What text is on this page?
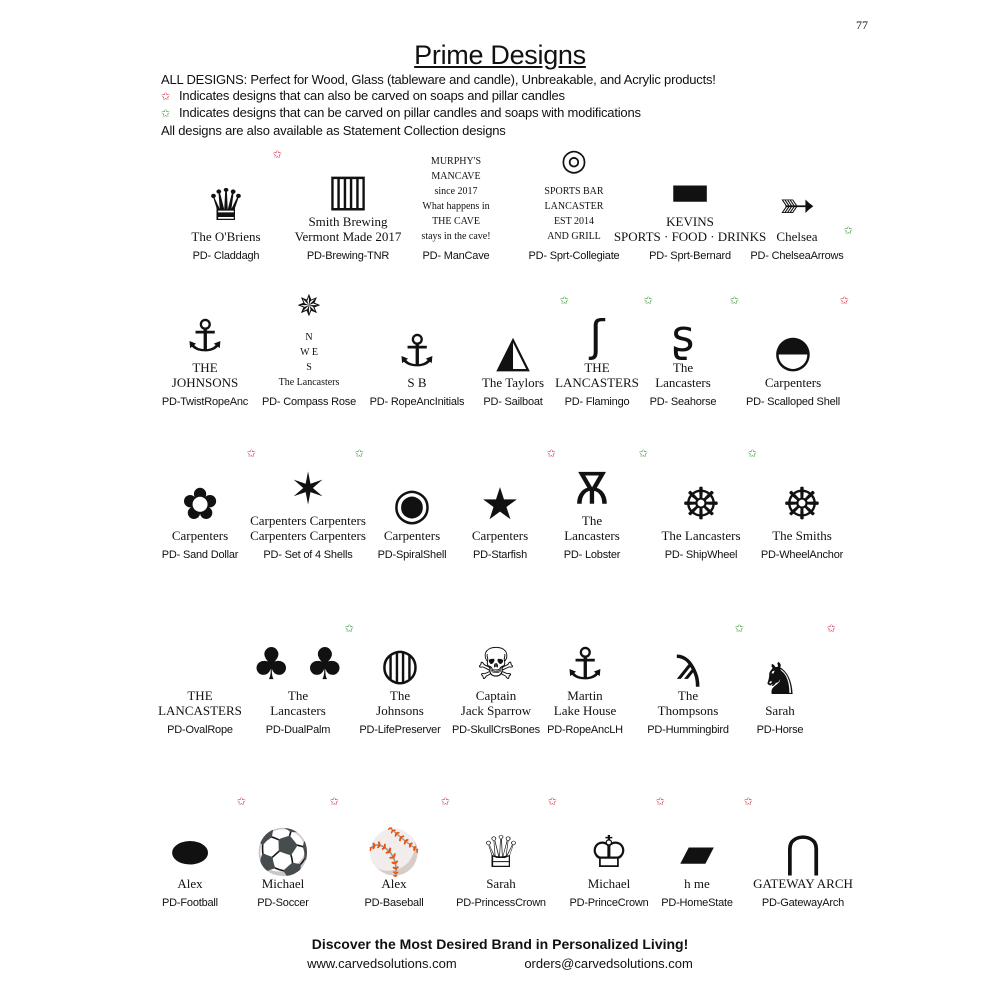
77
Prime Designs
ALL DESIGNS: Perfect for Wood, Glass (tableware and candle), Unbreakable, and Acrylic products!
✩ Indicates designs that can also be carved on soaps and pillar candles
✩ Indicates designs that can be carved on pillar candles and soaps with modifications
All designs are also available as Statement Collection designs
♛
The O'Briens
✩
PD- Claddagh
▥
Smith Brewing
Vermont Made 2017
PD-Brewing-TNR
MURPHY'S
MANCAVE
since 2017
What happens in
THE CAVE
stays in the cave!
PD- ManCave
◎
SPORTS BAR
LANCASTER
EST 2014
AND GRILL
PD- Sprt-Collegiate
▬
KEVINS
SPORTS · FOOD · DRINKS
PD- Sprt-Bernard
➳
Chelsea ✩
PD- ChelseaArrows
⚓
THE
JOHNSONS
PD-TwistRopeAnc
✵
N
W E
S
The Lancasters
PD- Compass Rose
⚓
S B
PD- RopeAncInitials
◭
The Taylors
✩
PD- Sailboat
ʃ
THE
LANCASTERS
✩
PD- Flamingo
ʂ
The
Lancasters
✩
PD- Seahorse
◓
Carpenters
✩
PD- Scalloped Shell
✿
Carpenters
✩
PD- Sand Dollar
✶
Carpenters Carpenters
Carpenters Carpenters
✩
PD- Set of 4 Shells
◉
Carpenters
PD-SpiralShell
★
Carpenters
✩
PD-Starfish
Ѫ
The
Lancasters
✩
PD- Lobster
☸
The Lancasters
✩
PD- ShipWheel
☸
The Smiths
PD-WheelAnchor
THE
LANCASTERS
PD-OvalRope
♣ ♣
The
Lancasters
✩
PD-DualPalm
◍
The
Johnsons
PD-LifePreserver
☠
Captain
Jack Sparrow
PD-SkullCrsBones
⚓
Martin
Lake House
PD-RopeAncLH
ϡ
The
Thompsons
✩
PD-Hummingbird
♞
Sarah
✩
PD-Horse
⬬
Alex
✩
PD-Football
⚽
Michael
✩
PD-Soccer
⚾
Alex
✩
PD-Baseball
♕
Sarah
✩
PD-PrincessCrown
♔
Michael
✩
PD-PrinceCrown
▰
h me
✩
PD-HomeState
⋂
GATEWAY ARCH
PD-GatewayArch
Discover the Most Desired Brand in Personalized Living!
www.carvedsolutions.com	orders@carvedsolutions.com
